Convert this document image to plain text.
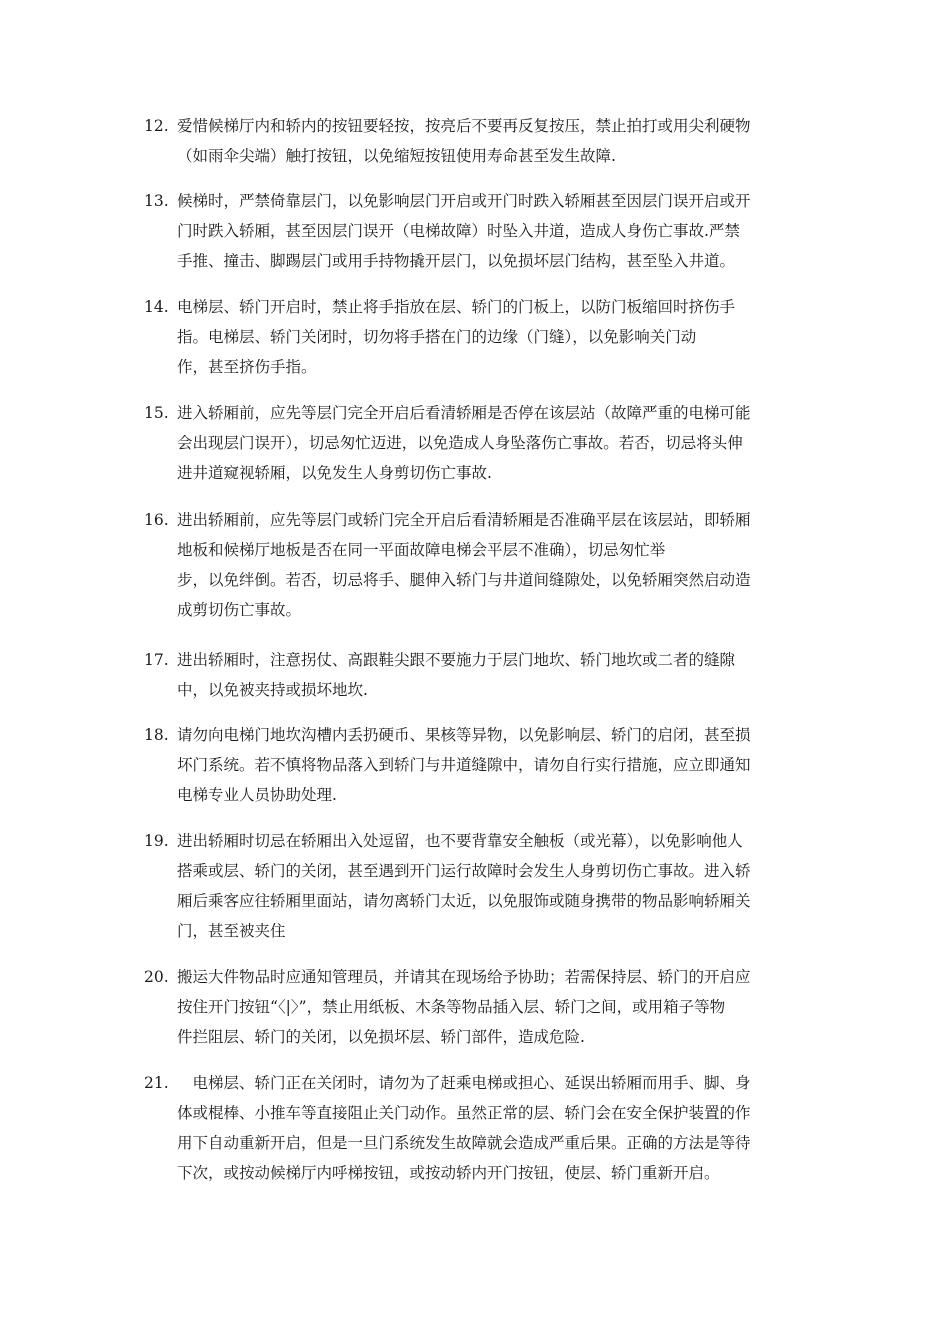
12. 爱惜候梯厅内和轿内的按钮要轻按，按亮后不要再反复按压，禁止拍打或用尖利硬物
（如雨伞尖端）触打按钮，以免缩短按钮使用寿命甚至发生故障.
13. 候梯时，严禁倚靠层门，以免影响层门开启或开门时跌入轿厢甚至因层门误开启或开
门时跌入轿厢，甚至因层门误开（电梯故障）时坠入井道，造成人身伤亡事故.严禁
手推、撞击、脚踢层门或用手持物撬开层门，以免损坏层门结构，甚至坠入井道。
14. 电梯层、轿门开启时，禁止将手指放在层、轿门的门板上，以防门板缩回时挤伤手
指。电梯层、轿门关闭时，切勿将手搭在门的边缘（门缝），以免影响关门动
作，甚至挤伤手指。
15. 进入轿厢前，应先等层门完全开启后看清轿厢是否停在该层站（故障严重的电梯可能
会出现层门误开），切忌匆忙迈进，以免造成人身坠落伤亡事故。若否，切忌将头伸
进井道窥视轿厢，以免发生人身剪切伤亡事故.
16. 进出轿厢前，应先等层门或轿门完全开启后看清轿厢是否准确平层在该层站，即轿厢
地板和候梯厅地板是否在同一平面故障电梯会平层不准确），切忌匆忙举
步，以免绊倒。若否，切忌将手、腿伸入轿门与井道间缝隙处，以免轿厢突然启动造
成剪切伤亡事故。
17. 进出轿厢时，注意拐仗、高跟鞋尖跟不要施力于层门地坎、轿门地坎或二者的缝隙
中，以免被夹持或损坏地坎.
18. 请勿向电梯门地坎沟槽内丢扔硬币、果核等异物，以免影响层、轿门的启闭，甚至损
坏门系统。若不慎将物品落入到轿门与井道缝隙中，请勿自行实行措施，应立即通知
电梯专业人员协助处理.
19. 进出轿厢时切忌在轿厢出入处逗留，也不要背靠安全触板（或光幕），以免影响他人
搭乘或层、轿门的关闭，甚至遇到开门运行故障时会发生人身剪切伤亡事故。进入轿
厢后乘客应往轿厢里面站，请勿离轿门太近，以免服饰或随身携带的物品影响轿厢关
门，甚至被夹住
20. 搬运大件物品时应通知管理员，并请其在现场给予协助；若需保持层、轿门的开启应
按住开门按钮“〈|〉”，禁止用纸板、木条等物品插入层、轿门之间，或用箱子等物
件拦阻层、轿门的关闭，以免损坏层、轿门部件，造成危险.
21. 　电梯层、轿门正在关闭时，请勿为了赶乘电梯或担心、延误出轿厢而用手、脚、身
体或棍棒、小推车等直接阻止关门动作。虽然正常的层、轿门会在安全保护装置的作
用下自动重新开启，但是一旦门系统发生故障就会造成严重后果。正确的方法是等待
下次，或按动候梯厅内呼梯按钮，或按动轿内开门按钮，使层、轿门重新开启。
